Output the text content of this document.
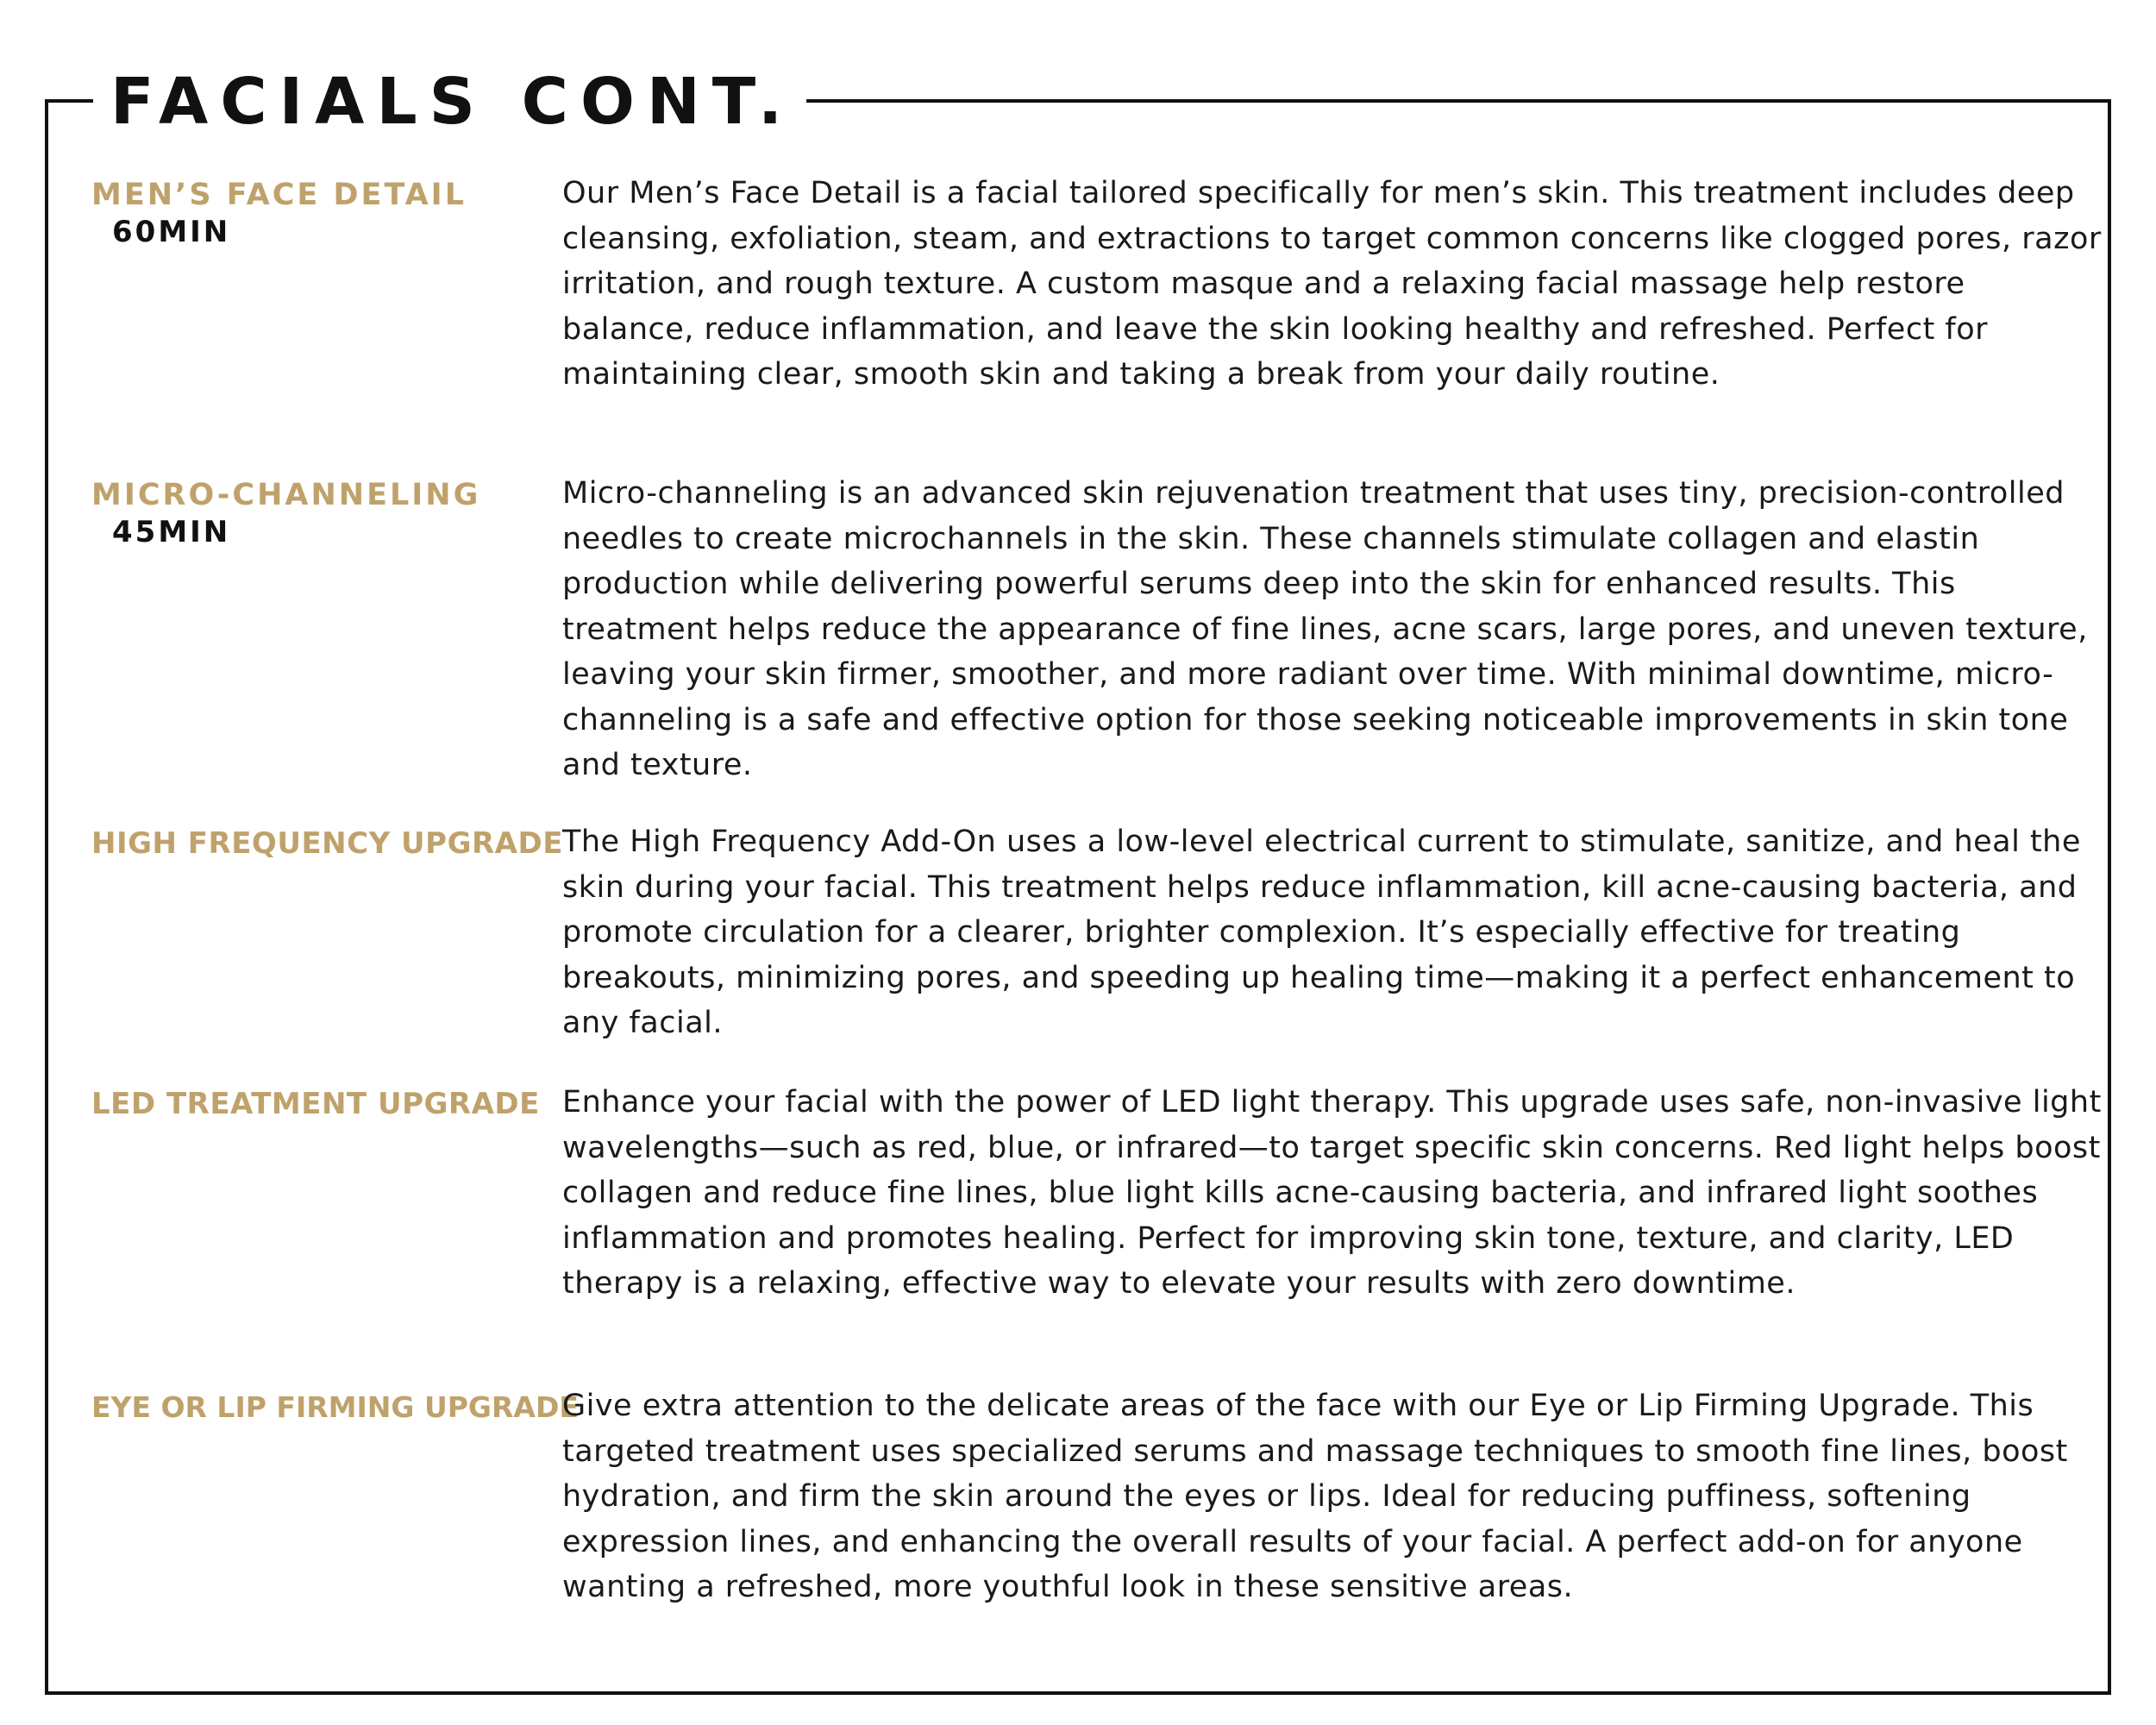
FACIALS CONT.
MEN’S FACE DETAIL
60MIN

Our Men’s Face Detail is a facial tailored specifically for men’s skin. This treatment includes deep cleansing, exfoliation, steam, and extractions to target common concerns like clogged pores, razor irritation, and rough texture. A custom masque and a relaxing facial massage help restore balance, reduce inflammation, and leave the skin looking healthy and refreshed. Perfect for maintaining clear, smooth skin and taking a break from your daily routine.

MICRO-CHANNELING
45MIN

Micro-channeling is an advanced skin rejuvenation treatment that uses tiny, precision-controlled needles to create microchannels in the skin. These channels stimulate collagen and elastin production while delivering powerful serums deep into the skin for enhanced results. This treatment helps reduce the appearance of fine lines, acne scars, large pores, and uneven texture, leaving your skin firmer, smoother, and more radiant over time. With minimal downtime, micro-channeling is a safe and effective option for those seeking noticeable improvements in skin tone and texture.

HIGH FREQUENCY UPGRADE The High Frequency Add-On uses a low-level electrical current to stimulate, sanitize, and heal the skin during your facial. This treatment helps reduce inflammation, kill acne-causing bacteria, and promote circulation for a clearer, brighter complexion. It’s especially effective for treating breakouts, minimizing pores, and speeding up healing time—making it a perfect enhancement to any facial.

LED TREATMENT UPGRADE Enhance your facial with the power of LED light therapy. This upgrade uses safe, non-invasive light wavelengths—such as red, blue, or infrared—to target specific skin concerns. Red light helps boost collagen and reduce fine lines, blue light kills acne-causing bacteria, and infrared light soothes inflammation and promotes healing. Perfect for improving skin tone, texture, and clarity, LED therapy is a relaxing, effective way to elevate your results with zero downtime.

EYE OR LIP FIRMING UPGRADE

Give extra attention to the delicate areas of the face with our Eye or Lip Firming Upgrade. This targeted treatment uses specialized serums and massage techniques to smooth fine lines, boost hydration, and firm the skin around the eyes or lips. Ideal for reducing puffiness, softening expression lines, and enhancing the overall results of your facial. A perfect add-on for anyone wanting a refreshed, more youthful look in these sensitive areas.
